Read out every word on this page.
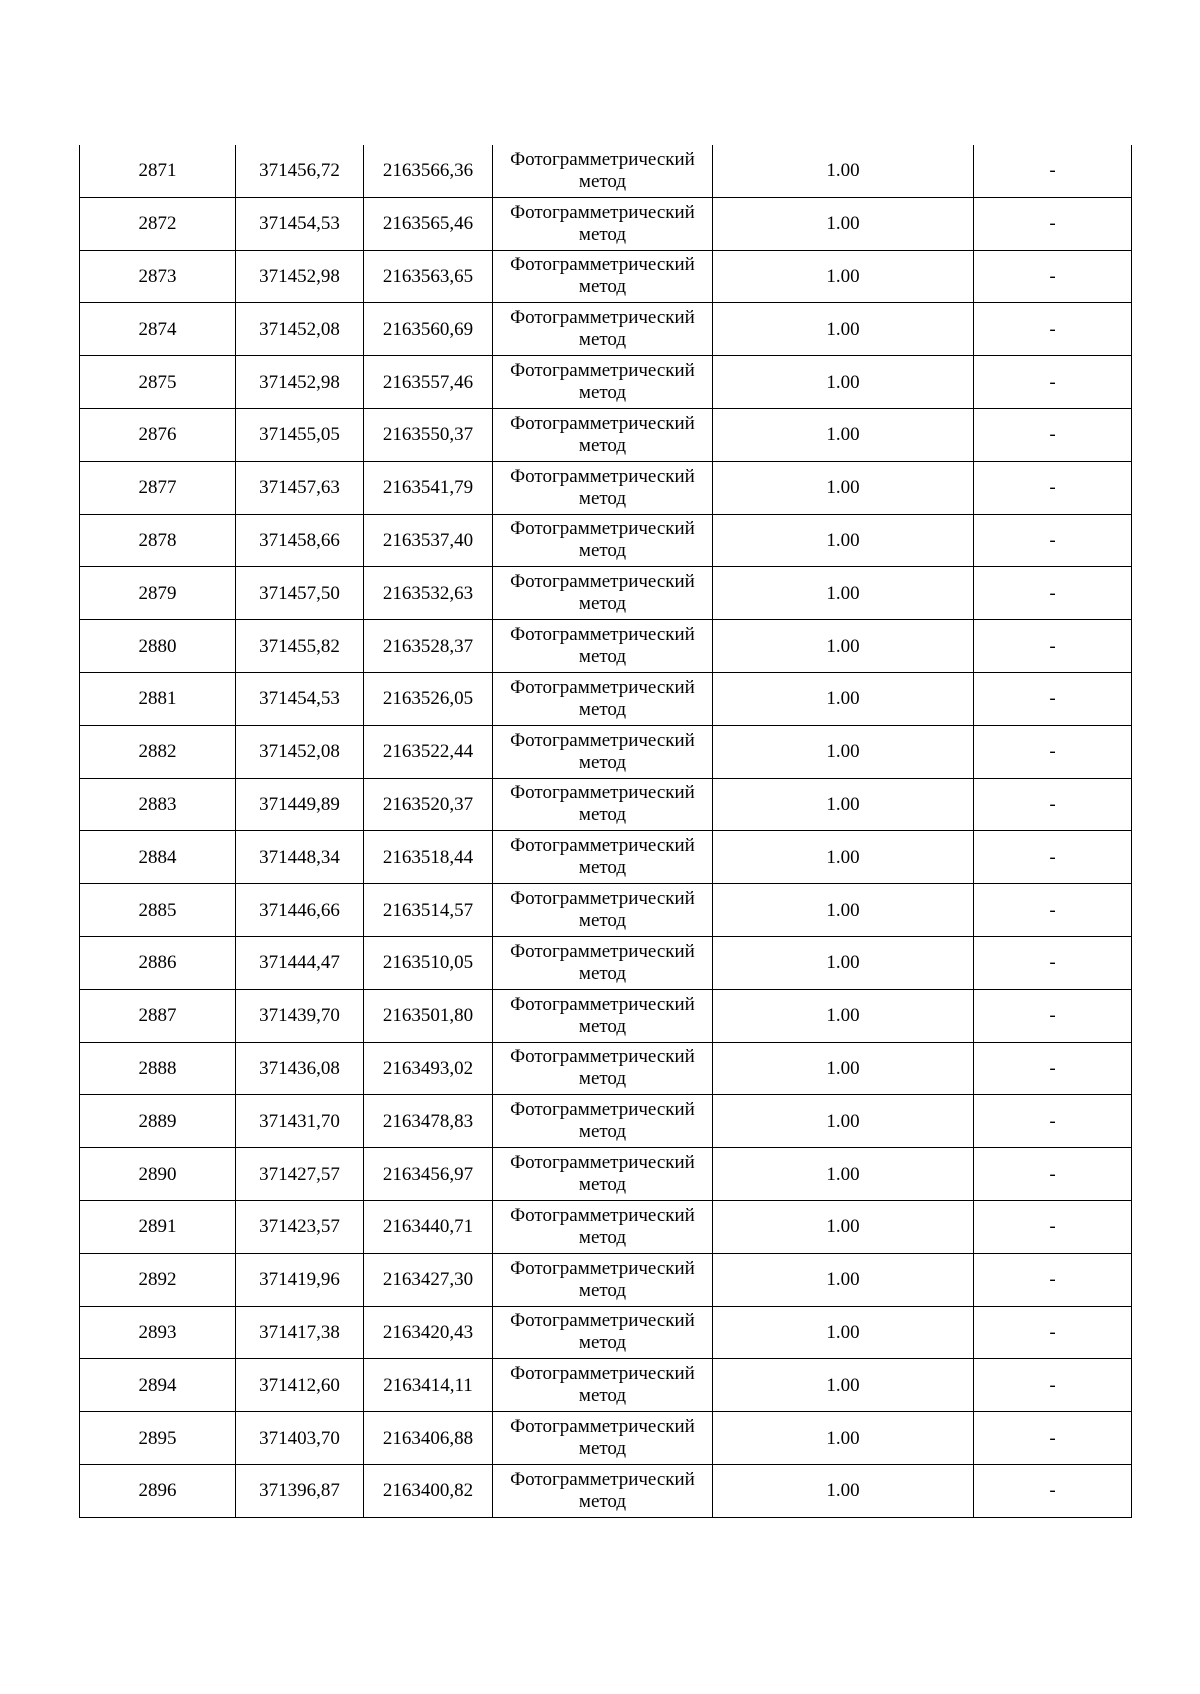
2871	371456,72	2163566,36	Фотограмметрический метод	1.00	-
2872	371454,53	2163565,46	Фотограмметрический метод	1.00	-
2873	371452,98	2163563,65	Фотограмметрический метод	1.00	-
2874	371452,08	2163560,69	Фотограмметрический метод	1.00	-
2875	371452,98	2163557,46	Фотограмметрический метод	1.00	-
2876	371455,05	2163550,37	Фотограмметрический метод	1.00	-
2877	371457,63	2163541,79	Фотограмметрический метод	1.00	-
2878	371458,66	2163537,40	Фотограмметрический метод	1.00	-
2879	371457,50	2163532,63	Фотограмметрический метод	1.00	-
2880	371455,82	2163528,37	Фотограмметрический метод	1.00	-
2881	371454,53	2163526,05	Фотограмметрический метод	1.00	-
2882	371452,08	2163522,44	Фотограмметрический метод	1.00	-
2883	371449,89	2163520,37	Фотограмметрический метод	1.00	-
2884	371448,34	2163518,44	Фотограмметрический метод	1.00	-
2885	371446,66	2163514,57	Фотограмметрический метод	1.00	-
2886	371444,47	2163510,05	Фотограмметрический метод	1.00	-
2887	371439,70	2163501,80	Фотограмметрический метод	1.00	-
2888	371436,08	2163493,02	Фотограмметрический метод	1.00	-
2889	371431,70	2163478,83	Фотограмметрический метод	1.00	-
2890	371427,57	2163456,97	Фотограмметрический метод	1.00	-
2891	371423,57	2163440,71	Фотограмметрический метод	1.00	-
2892	371419,96	2163427,30	Фотограмметрический метод	1.00	-
2893	371417,38	2163420,43	Фотограмметрический метод	1.00	-
2894	371412,60	2163414,11	Фотограмметрический метод	1.00	-
2895	371403,70	2163406,88	Фотограмметрический метод	1.00	-
2896	371396,87	2163400,82	Фотограмметрический метод	1.00	-
